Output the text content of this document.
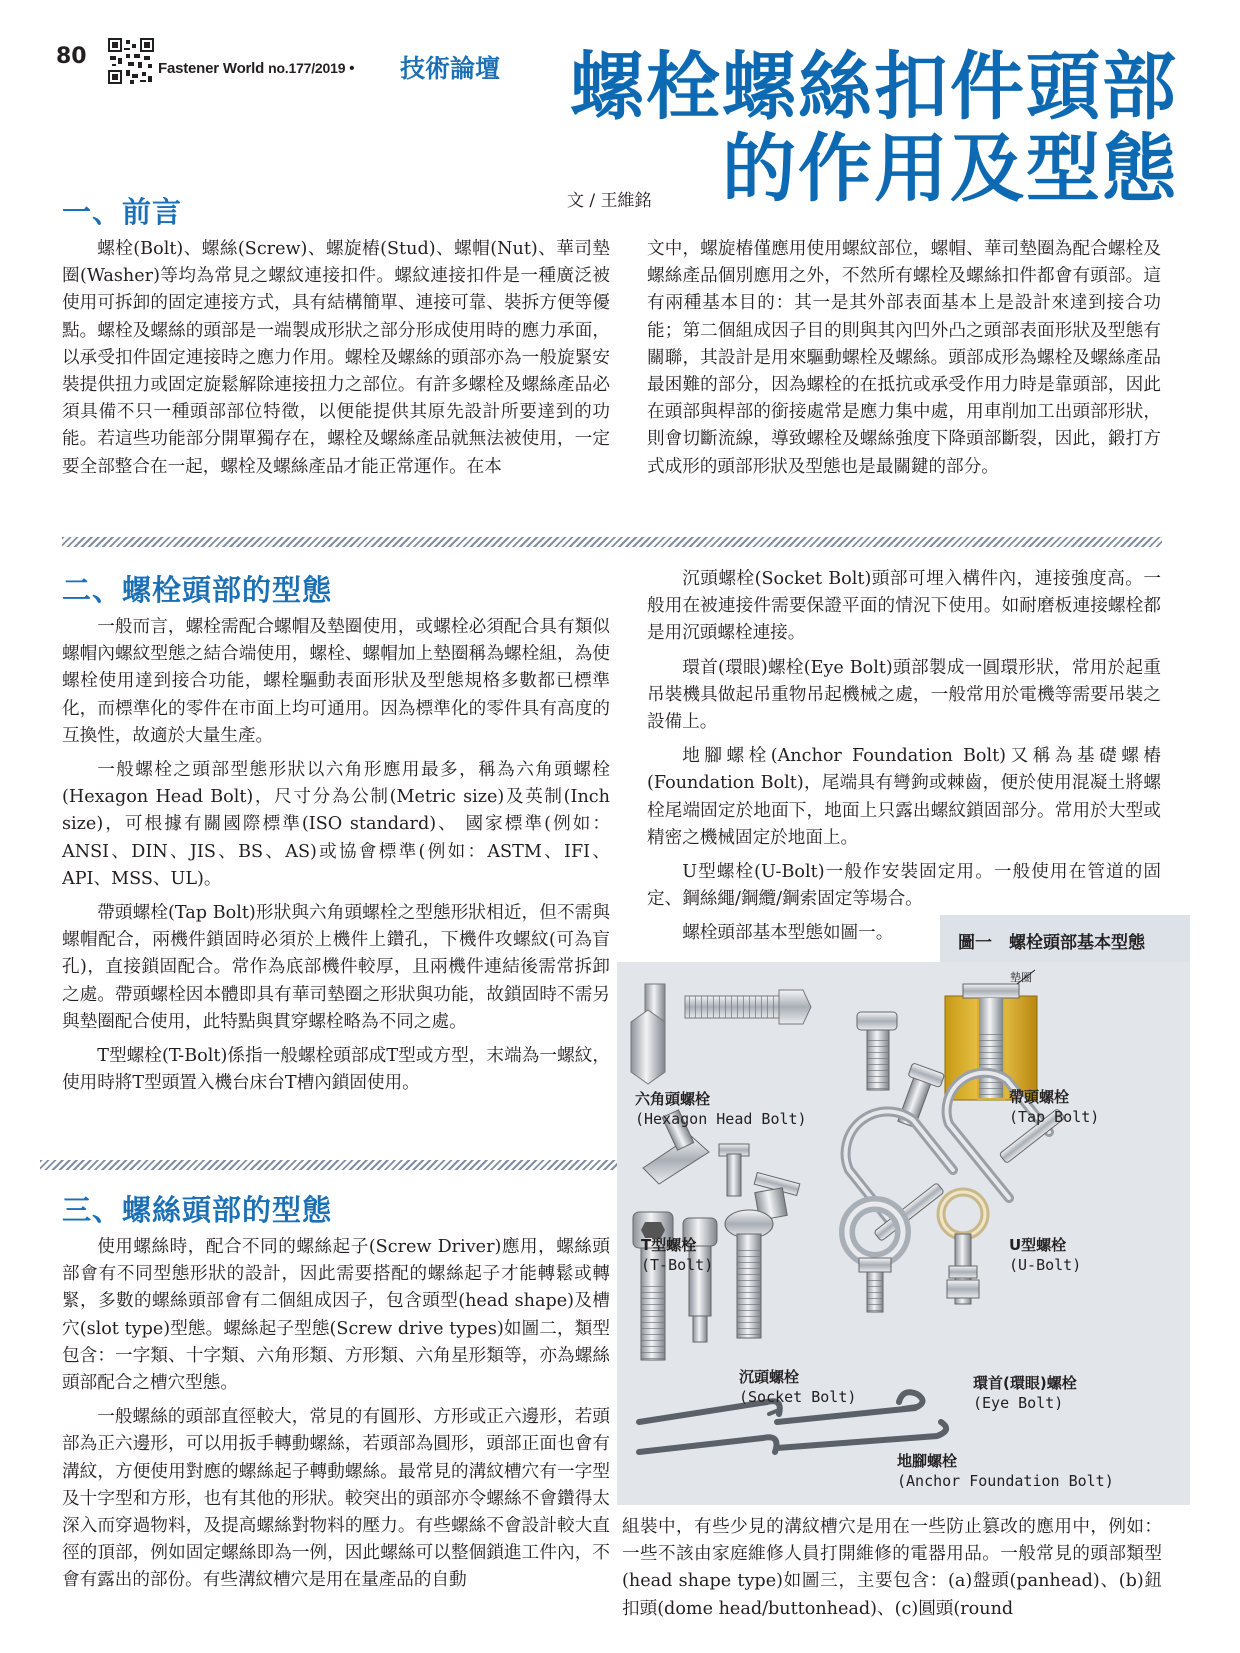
80	Fastener World no.177/2019 • 技術論壇 螺栓螺絲扣件頭部
的作用及型態
文 / 王維銘
一、前言

螺栓(Bolt)、螺絲(Screw)、螺旋樁(Stud)、螺帽(Nut)、華司墊圈(Washer)等均為常見之螺紋連接扣件。螺紋連接扣件是一種廣泛被使用可拆卸的固定連接方式，具有結構簡單、連接可靠、裝拆方便等優點。螺栓及螺絲的頭部是一端製成形狀之部分形成使用時的應力承面，以承受扣件固定連接時之應力作用。螺栓及螺絲的頭部亦為一般旋緊安裝提供扭力或固定旋鬆解除連接扭力之部位。有許多螺栓及螺絲產品必須具備不只一種頭部部位特徵，以便能提供其原先設計所要達到的功能。若這些功能部分開單獨存在，螺栓及螺絲產品就無法被使用，一定要全部整合在一起，螺栓及螺絲產品才能正常運作。在本

文中，螺旋樁僅應用使用螺紋部位，螺帽、華司墊圈為配合螺栓及螺絲產品個別應用之外，不然所有螺栓及螺絲扣件都會有頭部。這有兩種基本目的：其一是其外部表面基本上是設計來達到接合功能；第二個組成因子目的則與其內凹外凸之頭部表面形狀及型態有關聯，其設計是用來驅動螺栓及螺絲。頭部成形為螺栓及螺絲產品最困難的部分，因為螺栓的在抵抗或承受作用力時是靠頭部，因此在頭部與桿部的銜接處常是應力集中處，用車削加工出頭部形狀，則會切斷流線，導致螺栓及螺絲強度下降頭部斷裂，因此，鍛打方式成形的頭部形狀及型態也是最關鍵的部分。

二、螺栓頭部的型態

一般而言，螺栓需配合螺帽及墊圈使用，或螺栓必須配合具有類似螺帽內螺紋型態之結合端使用，螺栓、螺帽加上墊圈稱為螺栓組，為使螺栓使用達到接合功能，螺栓驅動表面形狀及型態規格多數都已標準化，而標準化的零件在市面上均可通用。因為標準化的零件具有高度的互換性，故適於大量生產。

一般螺栓之頭部型態形狀以六角形應用最多，稱為六角頭螺栓(Hexagon Head Bolt)，尺寸分為公制(Metric size)及英制(Inch size)，可根據有關國際標準(ISO standard)、 國家標準(例如：ANSI、DIN、JIS、BS、AS)或協會標準(例如：ASTM、IFI、API、MSS、UL)。

帶頭螺栓(Tap Bolt)形狀與六角頭螺栓之型態形狀相近，但不需與螺帽配合，兩機件鎖固時必須於上機件上鑽孔，下機件攻螺紋(可為盲孔)，直接鎖固配合。常作為底部機件較厚，且兩機件連結後需常拆卸之處。帶頭螺栓因本體即具有華司墊圈之形狀與功能，故鎖固時不需另與墊圈配合使用，此特點與貫穿螺栓略為不同之處。

T型螺栓(T-Bolt)係指一般螺栓頭部成T型或方型，末端為一螺紋，使用時將T型頭置入機台床台T槽內鎖固使用。

沉頭螺栓(Socket Bolt)頭部可埋入構件內，連接強度高。一般用在被連接件需要保證平面的情況下使用。如耐磨板連接螺栓都是用沉頭螺栓連接。

環首(環眼)螺栓(Eye Bolt)頭部製成一圓環形狀，常用於起重吊裝機具做起吊重物吊起機械之處，一般常用於電機等需要吊裝之設備上。

地腳螺栓(Anchor Foundation Bolt)又稱為基礎螺樁(Foundation Bolt)，尾端具有彎鉤或棘齒，便於使用混凝土將螺栓尾端固定於地面下，地面上只露出螺紋鎖固部分。常用於大型或精密之機械固定於地面上。

U型螺栓(U-Bolt)一般作安裝固定用。一般使用在管道的固定、鋼絲繩/鋼纜/鋼索固定等場合。

螺栓頭部基本型態如圖一。

三、螺絲頭部的型態

使用螺絲時，配合不同的螺絲起子(Screw Driver)應用，螺絲頭部會有不同型態形狀的設計，因此需要搭配的螺絲起子才能轉鬆或轉緊，多數的螺絲頭部會有二個組成因子，包含頭型(head shape)及槽穴(slot type)型態。螺絲起子型態(Screw drive types)如圖二，類型包含：一字類、十字類、六角形類、方形類、六角星形類等，亦為螺絲頭部配合之槽穴型態。

一般螺絲的頭部直徑較大，常見的有圓形、方形或正六邊形，若頭部為正六邊形，可以用扳手轉動螺絲，若頭部為圓形，頭部正面也會有溝紋，方便使用對應的螺絲起子轉動螺絲。最常見的溝紋槽穴有一字型及十字型和方形，也有其他的形狀。較突出的頭部亦令螺絲不會鑽得太深入而穿過物料，及提高螺絲對物料的壓力。有些螺絲不會設計較大直徑的頂部，例如固定螺絲即為一例，因此螺絲可以整個鎖進工件內，不會有露出的部份。有些溝紋槽穴是用在量產品的自動

組裝中，有些少見的溝紋槽穴是用在一些防止篡改的應用中，例如：一些不該由家庭維修人員打開維修的電器用品。一般常見的頭部類型(head shape type)如圖三，主要包含：(a)盤頭(panhead)、(b)鈕扣頭(dome head/buttonhead)、(c)圓頭(round

圖一　螺栓頭部基本型態
六角頭螺栓
(Hexagon Head Bolt)
墊圈
帶頭螺栓
(Tap Bolt)
T型螺栓
(T-Bolt)
U型螺栓
(U-Bolt)
沉頭螺栓
(Socket Bolt)
環首(環眼)螺栓
(Eye Bolt)
地腳螺栓
(Anchor Foundation Bolt)
